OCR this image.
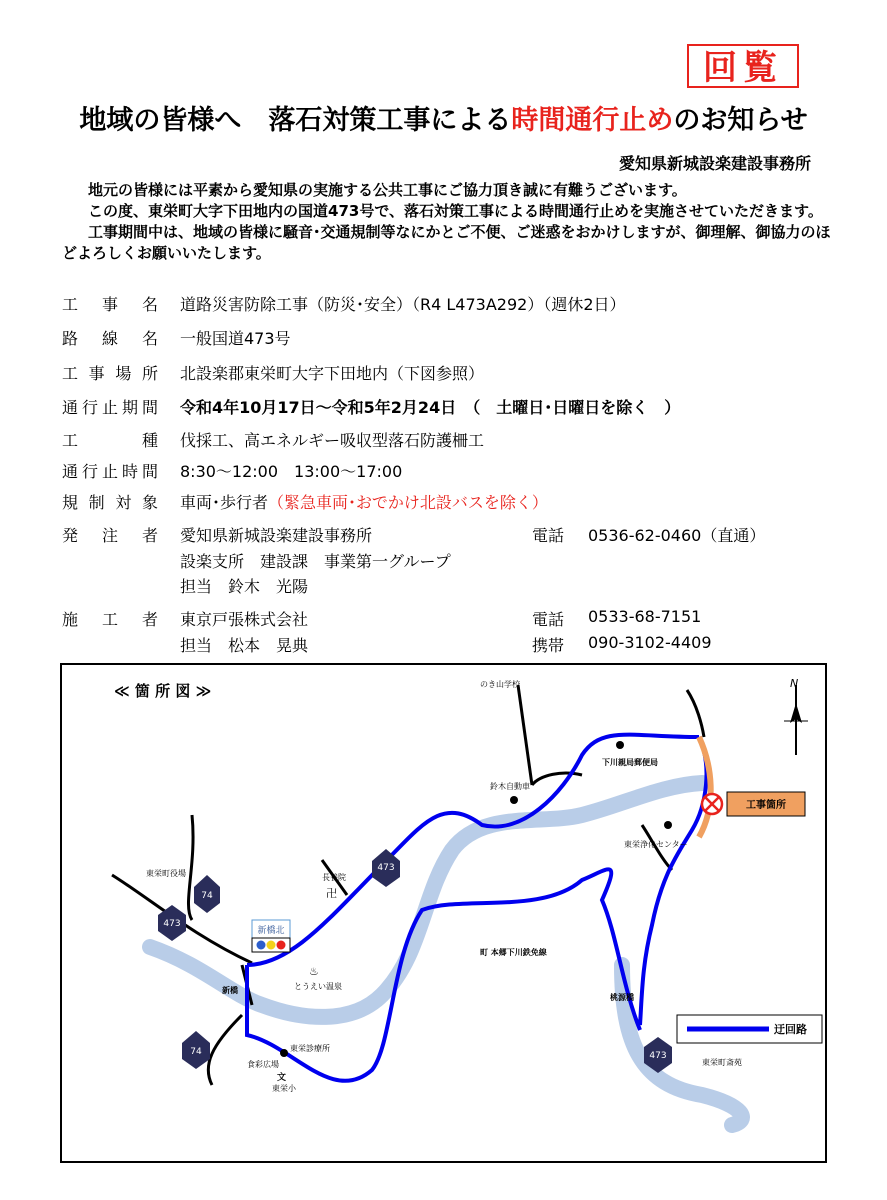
回覧
地域の皆様へ　落石対策工事による時間通行止めのお知らせ
愛知県新城設楽建設事務所

地元の皆様には平素から愛知県の実施する公共工事にご協力頂き誠に有難うございます。

この度、東栄町大字下田地内の国道473号で、落石対策工事による時間通行止めを実施させていただきます。

工事期間中は、地域の皆様に騒音･交通規制等なにかとご不便、ご迷惑をおかけしますが、御理解、御協力のほどよろしくお願いいたします。

工事名 道路災害防除工事（防災･安全）（R4 L473A292）（週休2日）
路線名 一般国道473号
工事場所 北設楽郡東栄町大字下田地内（下図参照）
通行止期間 令和4年10月17日～令和5年2月24日　（　土曜日･日曜日を除く　）
工種 伐採工、高エネルギー吸収型落石防護柵工
通行止時間 8:30～12:00　13:00～17:00
規制対象 車両･歩行者（緊急車両･おでかけ北設バスを除く）
発注者 愛知県新城設楽建設事務所	電話 0536-62-0460（直通）
設楽支所　建設課　事業第一グループ
担当　鈴木　光陽
施工者 東京戸張株式会社	電話 0533-68-7151
担当　松本　晃典	携帯 090-3102-4409
≪ 箇 所 図 ≫	N
工事箇所
473
473
473
74
74
新橋北
下川親局郵便局
鈴木自動車
のき山学校
東栄浄化センター
長養院
卍
東栄町役場
♨
とうえい温泉
新橋
東栄診療所
食彩広場
文
東栄小
町 本郷下川鉄免線
桃源橋
東栄町斎苑
迂回路
